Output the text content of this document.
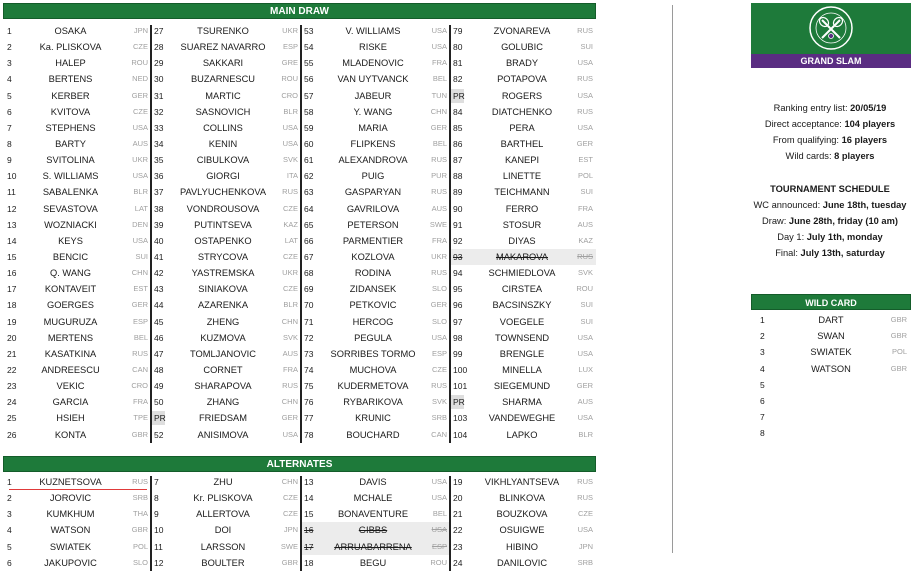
MAIN DRAW
1	OSAKA	JPN
2	Ka. PLISKOVA	CZE
3	HALEP	ROU
4	BERTENS	NED
5	KERBER	GER
6	KVITOVA	CZE
7	STEPHENS	USA
8	BARTY	AUS
9	SVITOLINA	UKR
10	S. WILLIAMS	USA
11	SABALENKA	BLR
12	SEVASTOVA	LAT
13	WOZNIACKI	DEN
14	KEYS	USA
15	BENCIC	SUI
16	Q. WANG	CHN
17	KONTAVEIT	EST
18	GOERGES	GER
19	MUGURUZA	ESP
20	MERTENS	BEL
21	KASATKINA	RUS
22	ANDREESCU	CAN
23	VEKIC	CRO
24	GARCIA	FRA
25	HSIEH	TPE
26	KONTA	GBR
27	TSURENKO	UKR
28	SUAREZ NAVARRO	ESP
29	SAKKARI	GRE
30	BUZARNESCU	ROU
31	MARTIC	CRO
32	SASNOVICH	BLR
33	COLLINS	USA
34	KENIN	USA
35	CIBULKOVA	SVK
36	GIORGI	ITA
37	PAVLYUCHENKOVA	RUS
38	VONDROUSOVA	CZE
39	PUTINTSEVA	KAZ
40	OSTAPENKO	LAT
41	STRYCOVA	CZE
42	YASTREMSKA	UKR
43	SINIAKOVA	CZE
44	AZARENKA	BLR
45	ZHENG	CHN
46	KUZMOVA	SVK
47	TOMLJANOVIC	AUS
48	CORNET	FRA
49	SHARAPOVA	RUS
50	ZHANG	CHN
PR	FRIEDSAM	GER
52	ANISIMOVA	USA
53	V. WILLIAMS	USA
54	RISKE	USA
55	MLADENOVIC	FRA
56	VAN UYTVANCK	BEL
57	JABEUR	TUN
58	Y. WANG	CHN
59	MARIA	GER
60	FLIPKENS	BEL
61	ALEXANDROVA	RUS
62	PUIG	PUR
63	GASPARYAN	RUS
64	GAVRILOVA	AUS
65	PETERSON	SWE
66	PARMENTIER	FRA
67	KOZLOVA	UKR
68	RODINA	RUS
69	ZIDANSEK	SLO
70	PETKOVIC	GER
71	HERCOG	SLO
72	PEGULA	USA
73	SORRIBES TORMO	ESP
74	MUCHOVA	CZE
75	KUDERMETOVA	RUS
76	RYBARIKOVA	SVK
77	KRUNIC	SRB
78	BOUCHARD	CAN
79	ZVONAREVA	RUS
80	GOLUBIC	SUI
81	BRADY	USA
82	POTAPOVA	RUS
PR	ROGERS	USA
84	DIATCHENKO	RUS
85	PERA	USA
86	BARTHEL	GER
87	KANEPI	EST
88	LINETTE	POL
89	TEICHMANN	SUI
90	FERRO	FRA
91	STOSUR	AUS
92	DIYAS	KAZ
93	MAKAROVA	RUS
94	SCHMIEDLOVA	SVK
95	CIRSTEA	ROU
96	BACSINSZKY	SUI
97	VOEGELE	SUI
98	TOWNSEND	USA
99	BRENGLE	USA
100	MINELLA	LUX
101	SIEGEMUND	GER
PR	SHARMA	AUS
103	VANDEWEGHE	USA
104	LAPKO	BLR
ALTERNATES
1	KUZNETSOVA	RUS
2	JOROVIC	SRB
3	KUMKHUM	THA
4	WATSON	GBR
5	SWIATEK	POL
6	JAKUPOVIC	SLO
7	ZHU	CHN
8	Kr. PLISKOVA	CZE
9	ALLERTOVA	CZE
10	DOI	JPN
11	LARSSON	SWE
12	BOULTER	GBR
13	DAVIS	USA
14	MCHALE	USA
15	BONAVENTURE	BEL
16	GIBBS	USA
17	ARRUABARRENA	ESP
18	BEGU	ROU
19	VIKHLYANTSEVA	RUS
20	BLINKOVA	RUS
21	BOUZKOVA	CZE
22	OSUIGWE	USA
23	HIBINO	JPN
24	DANILOVIC	SRB
GRAND SLAM
Ranking entry list: 20/05/19
Direct acceptance: 104 players
From qualifying: 16 players
Wild cards: 8 players
TOURNAMENT SCHEDULE
WC announced: June 18th, tuesday
Draw: June 28th, friday (10 am)
Day 1: July 1th, monday
Final: July 13th, saturday
WILD CARD
1	DART	GBR
2	SWAN	GBR
3	SWIATEK	POL
4	WATSON	GBR
5
6
7
8
